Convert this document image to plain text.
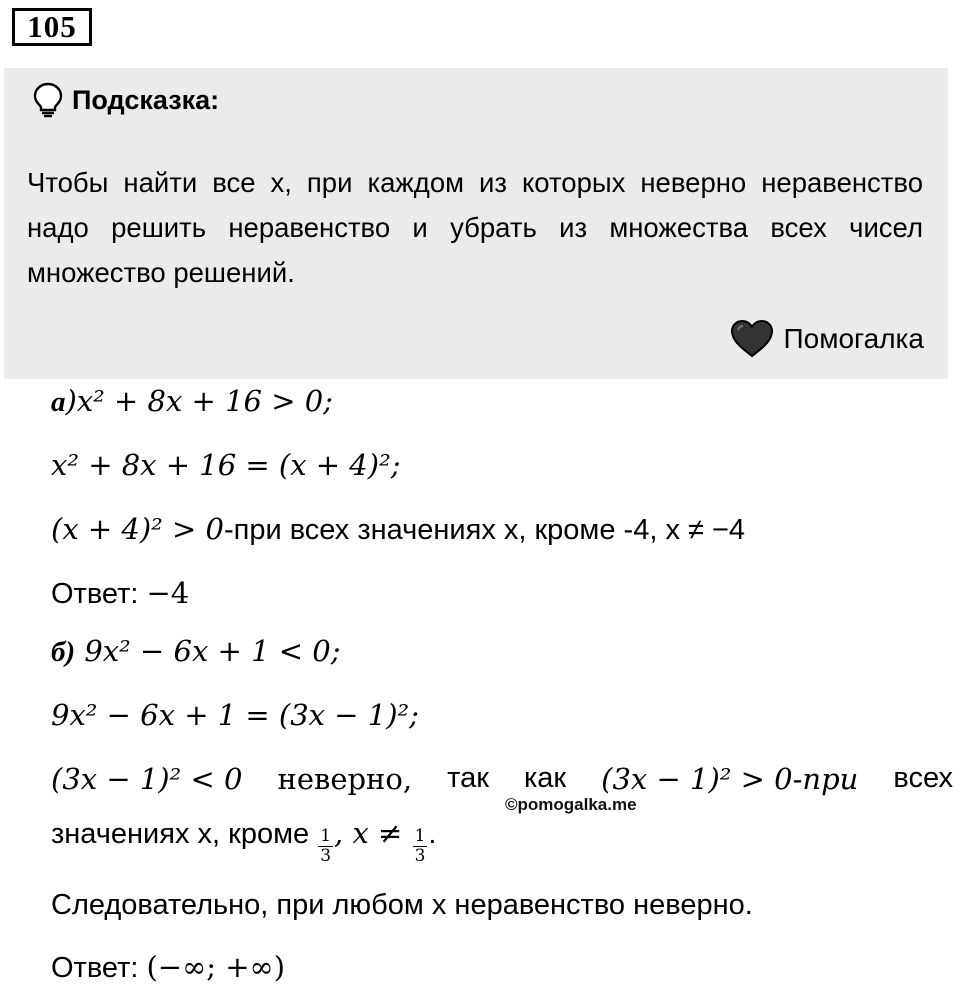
105
Подсказка:
Чтобы найти все x, при каждом из которых неверно неравенство надо решить неравенство и убрать из множества всех чисел множество решений.
Помогалка
а)x² + 8x + 16 > 0;
x² + 8x + 16 = (x + 4)²;
(x + 4)² > 0-при всех значениях x, кроме -4, x ≠ −4
Ответ: −4
б) 9x² − 6x + 1 < 0;
9x² − 6x + 1 = (3x − 1)²;
(3x − 1)² < 0 неверно, так как (3x − 1)² > 0-при всех
©pomogalka.me
значениях x, кроме $\frac{1}{3}$ , $x \ne \frac{1}{3}$ .
Следовательно, при любом x неравенство неверно.
Ответ: (−∞; +∞)
